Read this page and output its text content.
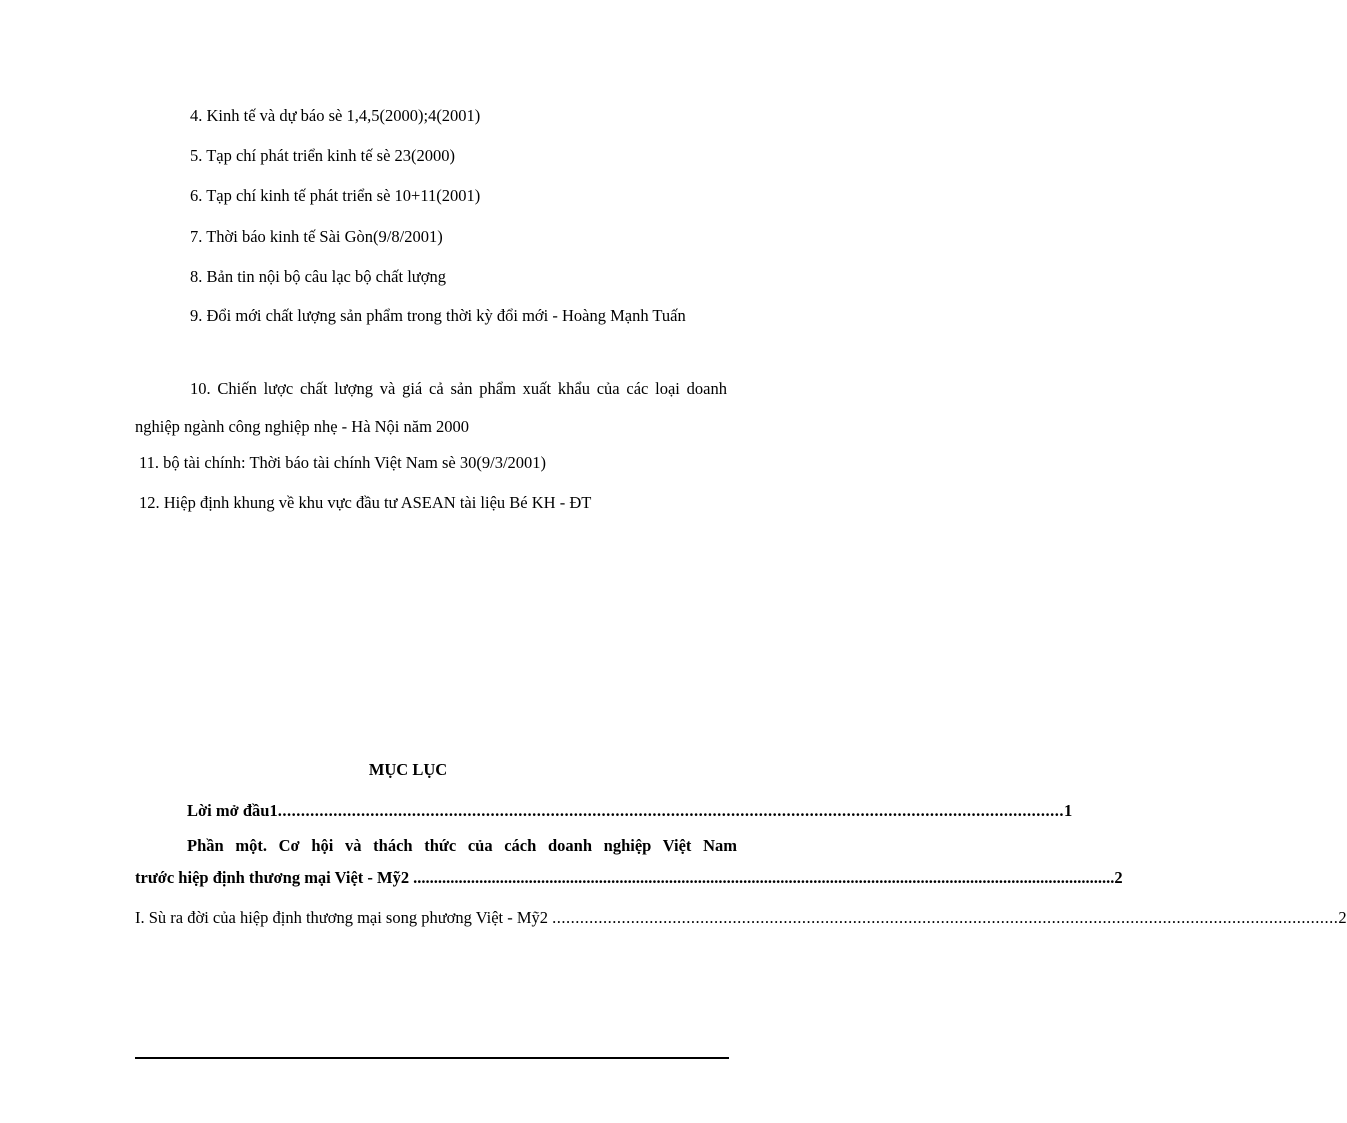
4. Kinh tế và dự báo sè 1,4,5(2000);4(2001)

5. Tạp chí phát triển kinh tế sè 23(2000)

6. Tạp chí kinh tế phát triển sè 10+11(2001)

7. Thời báo kinh tế Sài Gòn(9/8/2001)

8. Bản tin nội bộ câu lạc bộ chất lượng

9. Đổi mới chất lượng sản phẩm trong thời kỳ đổi mới - Hoàng Mạnh Tuấn

10. Chiến lược chất lượng và giá cả sản phẩm xuất khẩu của các loại doanh nghiệp ngành công nghiệp nhẹ - Hà Nội năm 2000

11. bộ tài chính: Thời báo tài chính Việt Nam sè 30(9/3/2001)

12. Hiệp định khung về khu vực đầu tư ASEAN tài liệu Bé KH - ĐT

MỤC LỤC
Lời mở đầu1 .......................................................................................................................................................................... 1
Phần một. Cơ hội và thách thức của cách doanh nghiệp Việt Nam
trước hiệp định thương mại Việt - Mỹ2 .......................................................................................................................................................................... 2
I. Sù ra đời của hiệp định thương mại song phương Việt - Mỹ2 .......................................................................................................................................................................... 2
